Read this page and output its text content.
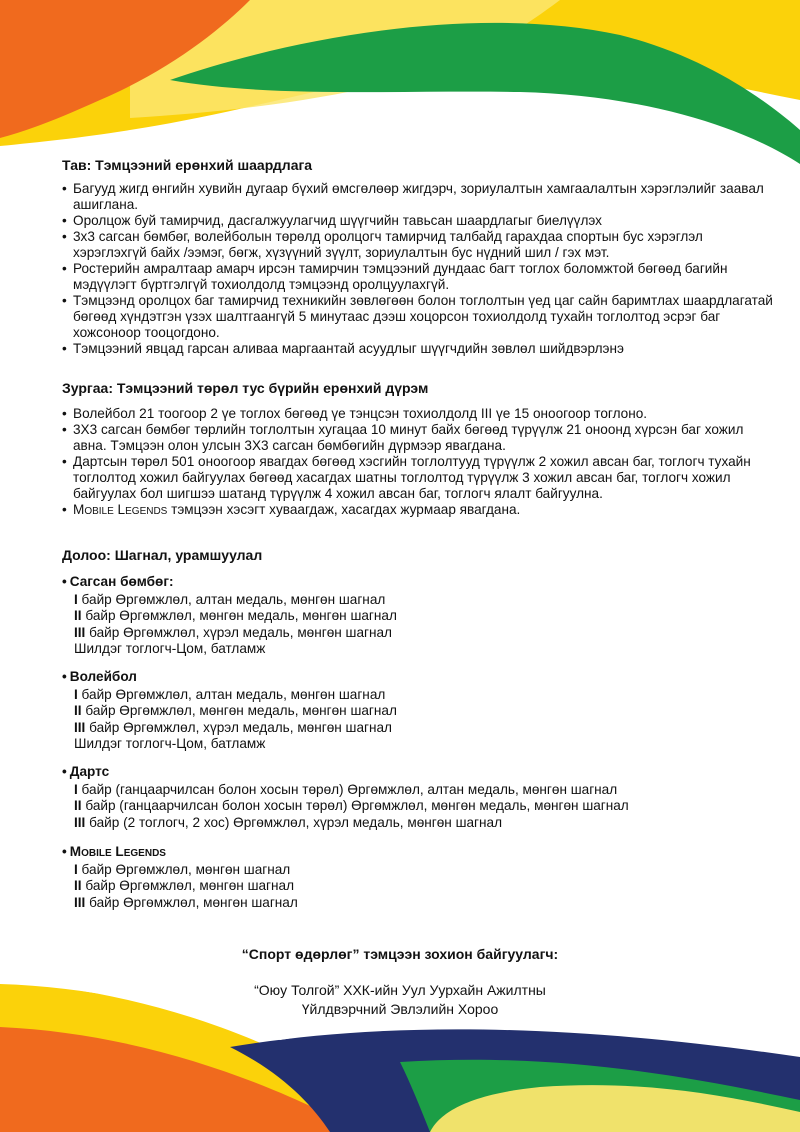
Тав: Тэмцээний ерөнхий шаардлага
• Багууд жигд өнгийн хувийн дугаар бүхий өмсгөлөөр жигдэрч, зориулалтын хамгаалалтын хэрэглэлийг заавал ашиглана.
• Оролцож буй тамирчид, дасгалжуулагчид шүүгчийн тавьсан шаардлагыг биелүүлэх
• 3х3 сагсан бөмбөг, волейболын төрөлд оролцогч тамирчид талбайд гарахдаа спортын бус хэрэглэл хэрэглэхгүй байх /ээмэг, бөгж, хүзүүний зүүлт, зориулалтын бус нүдний шил / гэх мэт.
• Ростерийн амралтаар амарч ирсэн тамирчин тэмцээний дундаас багт тоглох боломжтой бөгөөд багийн мэдүүлэгт бүртгэлгүй тохиолдолд тэмцээнд оролцуулахгүй.
• Тэмцээнд оролцох баг тамирчид техникийн зөвлөгөөн болон тоглолтын үед цаг сайн баримтлах шаардлагатай бөгөөд хүндэтгэн үзэх шалтгаангүй 5 минутаас дээш хоцорсон тохиолдолд тухайн тоглолтод эсрэг баг хожсоноор тооцогдоно.
• Тэмцээний явцад гарсан аливаа маргаантай асуудлыг шүүгчдийн зөвлөл шийдвэрлэнэ
Зургаа: Тэмцээний төрөл тус бүрийн ерөнхий дүрэм
• Волейбол 21 тоогоор 2 үе тоглох бөгөөд үе тэнцсэн тохиолдолд III үе 15 оноогоор тоглоно.
• 3Х3 сагсан бөмбөг төрлийн тоглолтын хугацаа 10 минут байх бөгөөд түрүүлж 21 оноонд хүрсэн баг хожил авна. Тэмцээн олон улсын 3Х3 сагсан бөмбөгийн дүрмээр явагдана.
• Дартсын төрөл 501 оноогоор явагдах бөгөөд хэсгийн тоглолтууд түрүүлж 2 хожил авсан баг, тоглогч тухайн тоглолтод хожил байгуулах бөгөөд хасагдах шатны тоглолтод түрүүлж 3 хожил авсан баг, тоглогч хожил байгуулах бол шигшээ шатанд түрүүлж 4 хожил авсан баг, тоглогч ялалт байгуулна.
• Mobile Legends тэмцээн хэсэгт хуваагдаж, хасагдах журмаар явагдана.
Долоо: Шагнал, урамшуулал
• Сагсан бөмбөг:
I байр Өргөмжлөл, алтан медаль, мөнгөн шагнал
II байр Өргөмжлөл, мөнгөн медаль, мөнгөн шагнал
III байр Өргөмжлөл, хүрэл медаль, мөнгөн шагнал
Шилдэг тоглогч-Цом, батламж
• Волейбол
I байр Өргөмжлөл, алтан медаль, мөнгөн шагнал
II байр Өргөмжлөл, мөнгөн медаль, мөнгөн шагнал
III байр Өргөмжлөл, хүрэл медаль, мөнгөн шагнал
Шилдэг тоглогч-Цом, батламж
• Дартс
I байр (ганцаарчилсан болон хосын төрөл) Өргөмжлөл, алтан медаль, мөнгөн шагнал
II байр (ганцаарчилсан болон хосын төрөл) Өргөмжлөл, мөнгөн медаль, мөнгөн шагнал
III байр (2 тоглогч, 2 хос) Өргөмжлөл, хүрэл медаль, мөнгөн шагнал
• Mobile Legends
I байр Өргөмжлөл, мөнгөн шагнал
II байр Өргөмжлөл, мөнгөн шагнал
III байр Өргөмжлөл, мөнгөн шагнал
“Спорт өдөрлөг” тэмцээн зохион байгуулагч:
“Оюу Толгой” ХХК-ийн Уул Уурхайн Ажилтны
Үйлдвэрчний Эвлэлийн Хороо
